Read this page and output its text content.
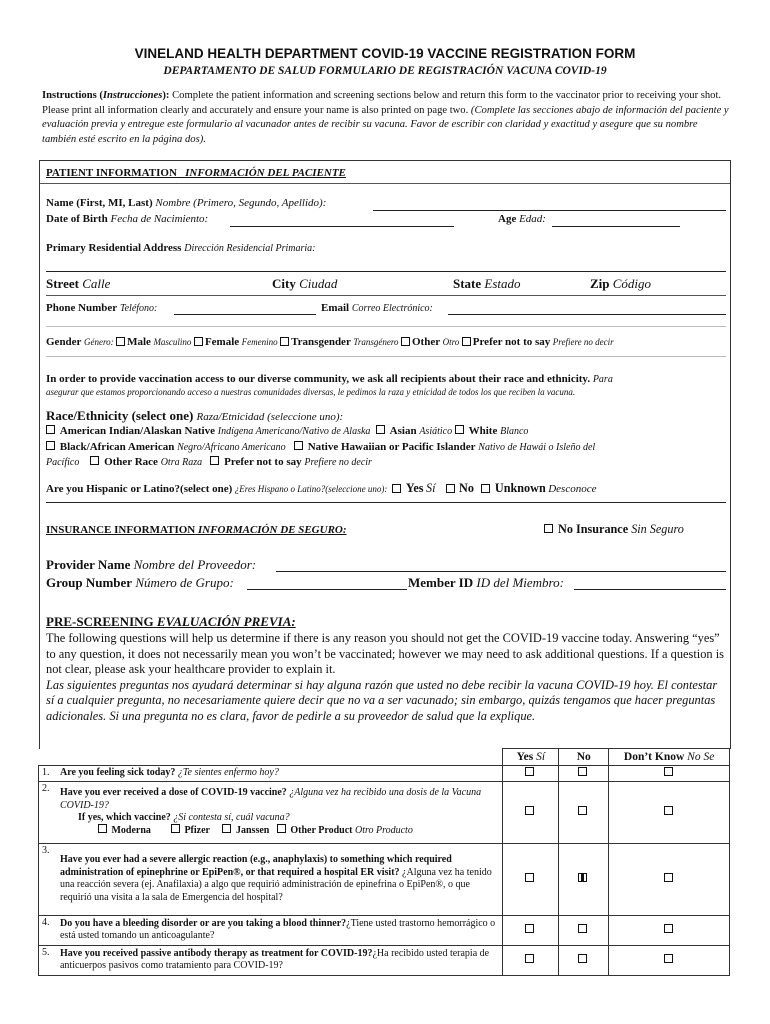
VINELAND HEALTH DEPARTMENT COVID-19 VACCINE REGISTRATION FORM
DEPARTAMENTO DE SALUD FORMULARIO DE REGISTRACIÓN VACUNA COVID-19
Instructions (Instrucciones): Complete the patient information and screening sections below and return this form to the vaccinator prior to receiving your shot. Please print all information clearly and accurately and ensure your name is also printed on page two. (Complete las secciones abajo de información del paciente y evaluación previa y entregue este formulario al vacunador antes de recibir su vacuna. Favor de escribir con claridad y exactitud y asegure que su nombre también esté escrito en la página dos).
PATIENT INFORMATION INFORMACIÓN DEL PACIENTE
Name (First, MI, Last) Nombre (Primero, Segundo, Apellido):
Date of Birth Fecha de Nacimiento:	Age Edad:
Primary Residential Address Dirección Residencial Primaria:
Street Calle	City Ciudad	State Estado	Zip Código
Phone Number Teléfono:	Email Correo Electrónico:
Gender Género: Male Masculino Female Femenino Transgender Transgénero Other Otro Prefer not to say Prefiere no decir
In order to provide vaccination access to our diverse community, we ask all recipients about their race and ethnicity. Para
asegurar que estamos proporcionando acceso a nuestras comunidades diversas, le pedimos la raza y etnicidad de todos los que reciben la vacuna.
Race/Ethnicity (select one) Raza/Etnicidad (seleccione uno):
American Indian/Alaskan Native Indígena Americano/Nativo de Alaska Asian Asiático White Blanco
Black/African American Negro/Africano Americano Native Hawaiian or Pacific Islander Nativo de Hawái o Isleño del
Pacífico Other Race Otra Raza Prefer not to say Prefiere no decir
Are you Hispanic or Latino?(select one) ¿Eres Hispano o Latino?(seleccione uno): Yes Sí No Unknown Desconoce
INSURANCE INFORMATION INFORMACIÓN DE SEGURO:	No Insurance Sin Seguro
Provider Name Nombre del Proveedor:
Group Number Número de Grupo:	Member ID ID del Miembro:
PRE-SCREENING EVALUACIÓN PREVIA:
The following questions will help us determine if there is any reason you should not get the COVID-19 vaccine today. Answering “yes” to any question, it does not necessarily mean you won’t be vaccinated; however we may need to ask additional questions. If a question is not clear, please ask your healthcare provider to explain it.
Las siguientes preguntas nos ayudará determinar si hay alguna razón que usted no debe recibir la vacuna COVID-19 hoy. El contestar sí a cualquier pregunta, no necesariamente quiere decir que no va a ser vacunado; sin embargo, quizás tengamos que hacer preguntas adicionales. Si una pregunta no es clara, favor de pedirle a su proveedor de salud que la explique.
		Yes Sí	No	Don’t Know No Se
1.	Are you feeling sick today? ¿Te sientes enfermo hoy?			
2.	Have you ever received a dose of COVID-19 vaccine? ¿Alguna vez ha recibido una dosis de la Vacuna COVID-19?
If yes, which vaccine? ¿Si contesta sí, cuál vacuna?
Moderna Pfizer Janssen Other Product Otro Producto			

3.	Have you ever had a severe allergic reaction (e.g., anaphylaxis) to something which required administration of epinephrine or EpiPen®, or that required a hospital ER visit? ¿Alguna vez ha tenido una reacción severa (ej. Anafilaxia) a algo que requirió administración de epinefrina o EpiPen®, o que requirió una visita a la sala de Emergencia del hospital?			
4.	Do you have a bleeding disorder or are you taking a blood thinner?¿Tiene usted trastorno hemorrágico o está usted tomando un anticoagulante?			
5.	Have you received passive antibody therapy as treatment for COVID-19?¿Ha recibido usted terapia de anticuerpos pasivos como tratamiento para COVID-19?			
